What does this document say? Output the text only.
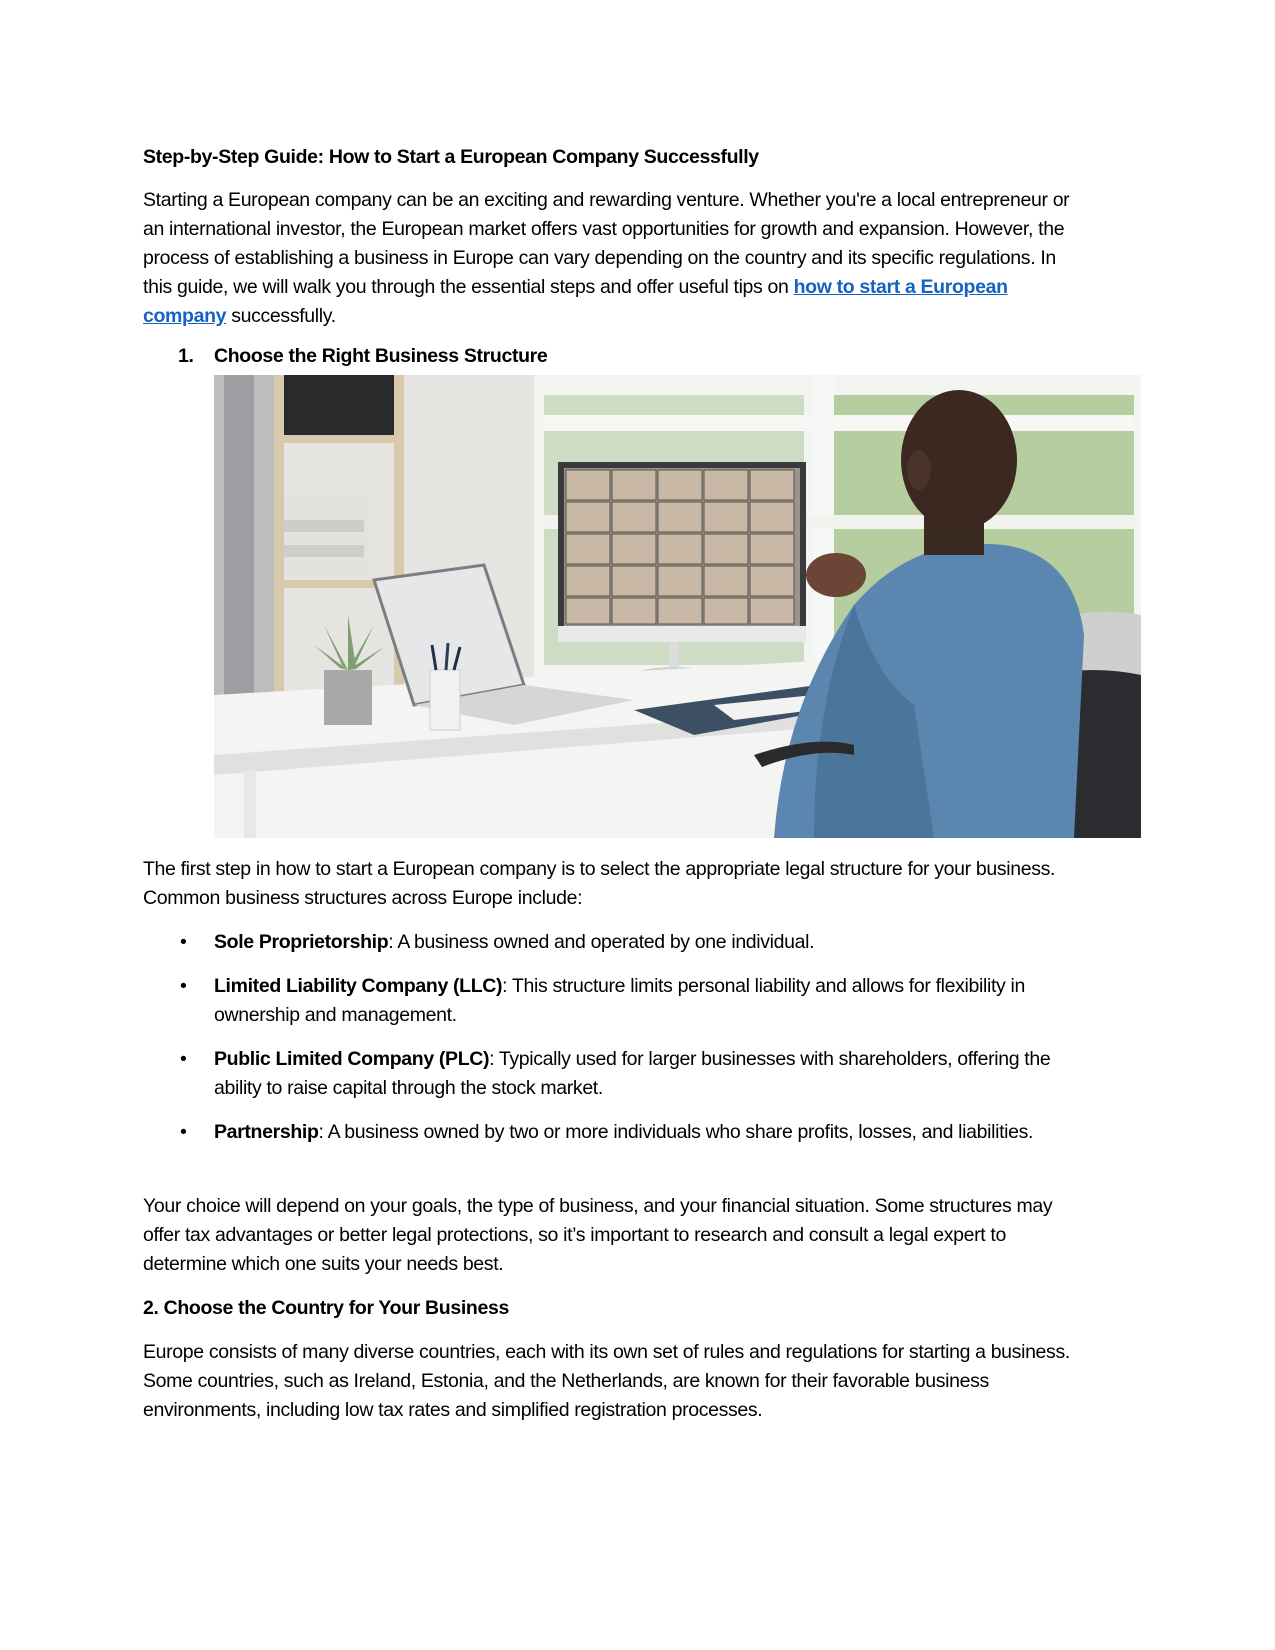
Step-by-Step Guide: How to Start a European Company Successfully
Starting a European company can be an exciting and rewarding venture. Whether you're a local entrepreneur or an international investor, the European market offers vast opportunities for growth and expansion. However, the process of establishing a business in Europe can vary depending on the country and its specific regulations. In this guide, we will walk you through the essential steps and offer useful tips on how to start a European company successfully.
1. Choose the Right Business Structure
The first step in how to start a European company is to select the appropriate legal structure for your business. Common business structures across Europe include:
• Sole Proprietorship: A business owned and operated by one individual.
• Limited Liability Company (LLC): This structure limits personal liability and allows for flexibility in ownership and management.
• Public Limited Company (PLC): Typically used for larger businesses with shareholders, offering the ability to raise capital through the stock market.
• Partnership: A business owned by two or more individuals who share profits, losses, and liabilities.
Your choice will depend on your goals, the type of business, and your financial situation. Some structures may offer tax advantages or better legal protections, so it’s important to research and consult a legal expert to determine which one suits your needs best.
2. Choose the Country for Your Business
Europe consists of many diverse countries, each with its own set of rules and regulations for starting a business. Some countries, such as Ireland, Estonia, and the Netherlands, are known for their favorable business environments, including low tax rates and simplified registration processes.
